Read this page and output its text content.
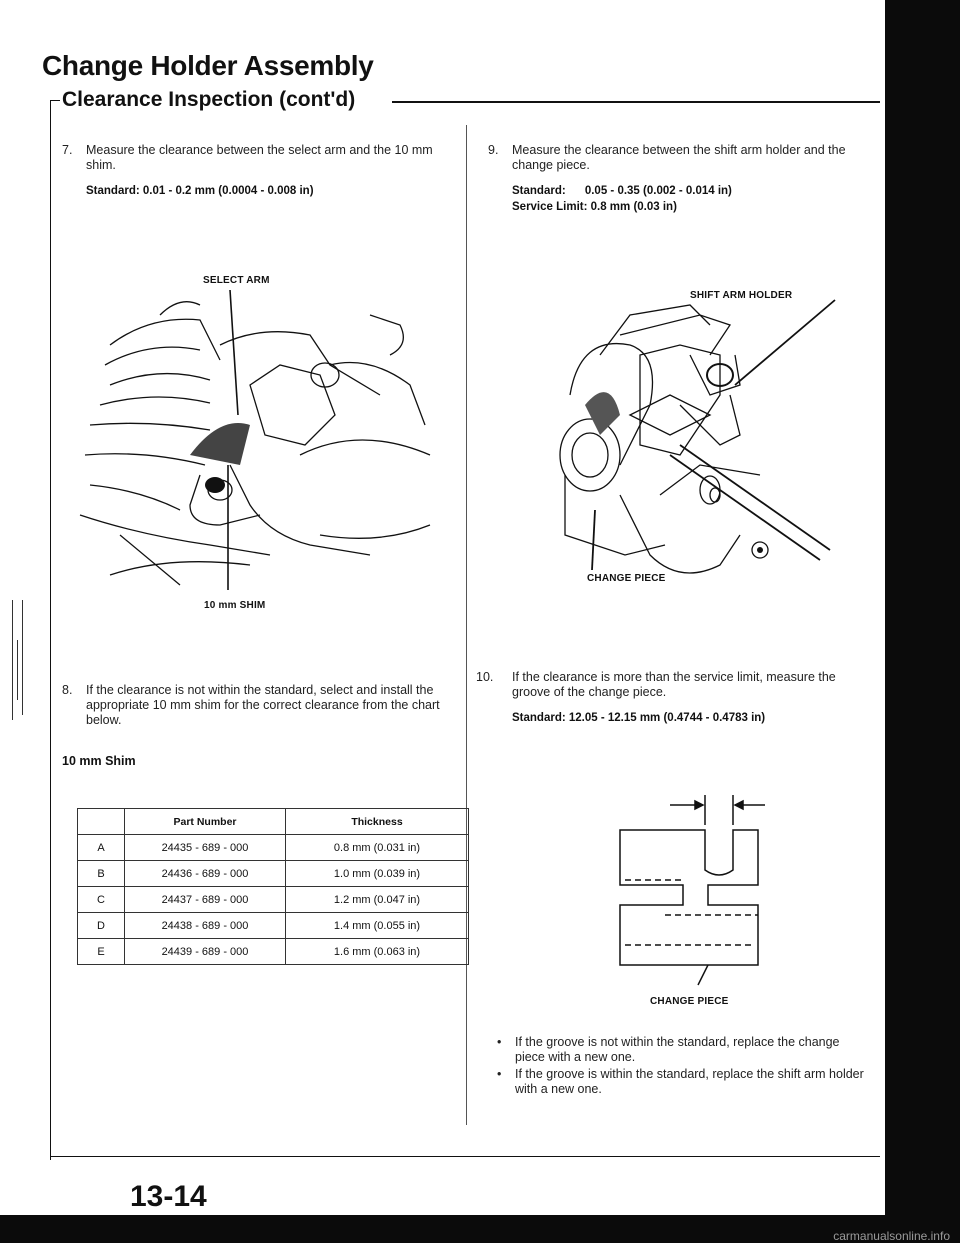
Change Holder Assembly
Clearance Inspection (cont'd)
7. Measure the clearance between the select arm and the 10 mm shim.
Standard: 0.01 - 0.2 mm (0.0004 - 0.008 in)
SELECT ARM
10 mm SHIM
8. If the clearance is not within the standard, select and install the appropriate 10 mm shim for the correct clearance from the chart below.
10 mm Shim
	Part Number	Thickness
A	24435 - 689 - 000	0.8 mm (0.031 in)
B	24436 - 689 - 000	1.0 mm (0.039 in)
C	24437 - 689 - 000	1.2 mm (0.047 in)
D	24438 - 689 - 000	1.4 mm (0.055 in)
E	24439 - 689 - 000	1.6 mm (0.063 in)
9. Measure the clearance between the shift arm holder and the change piece.
Standard:      0.05 - 0.35 (0.002 - 0.014 in)
Service Limit: 0.8 mm (0.03 in)
SHIFT ARM HOLDER
CHANGE PIECE
10. If the clearance is more than the service limit, measure the groove of the change piece.
Standard: 12.05 - 12.15 mm (0.4744 - 0.4783 in)
CHANGE PIECE
• If the groove is not within the standard, replace the change piece with a new one.
• If the groove is within the standard, replace the shift arm holder with a new one.
13-14
carmanualsonline.info
